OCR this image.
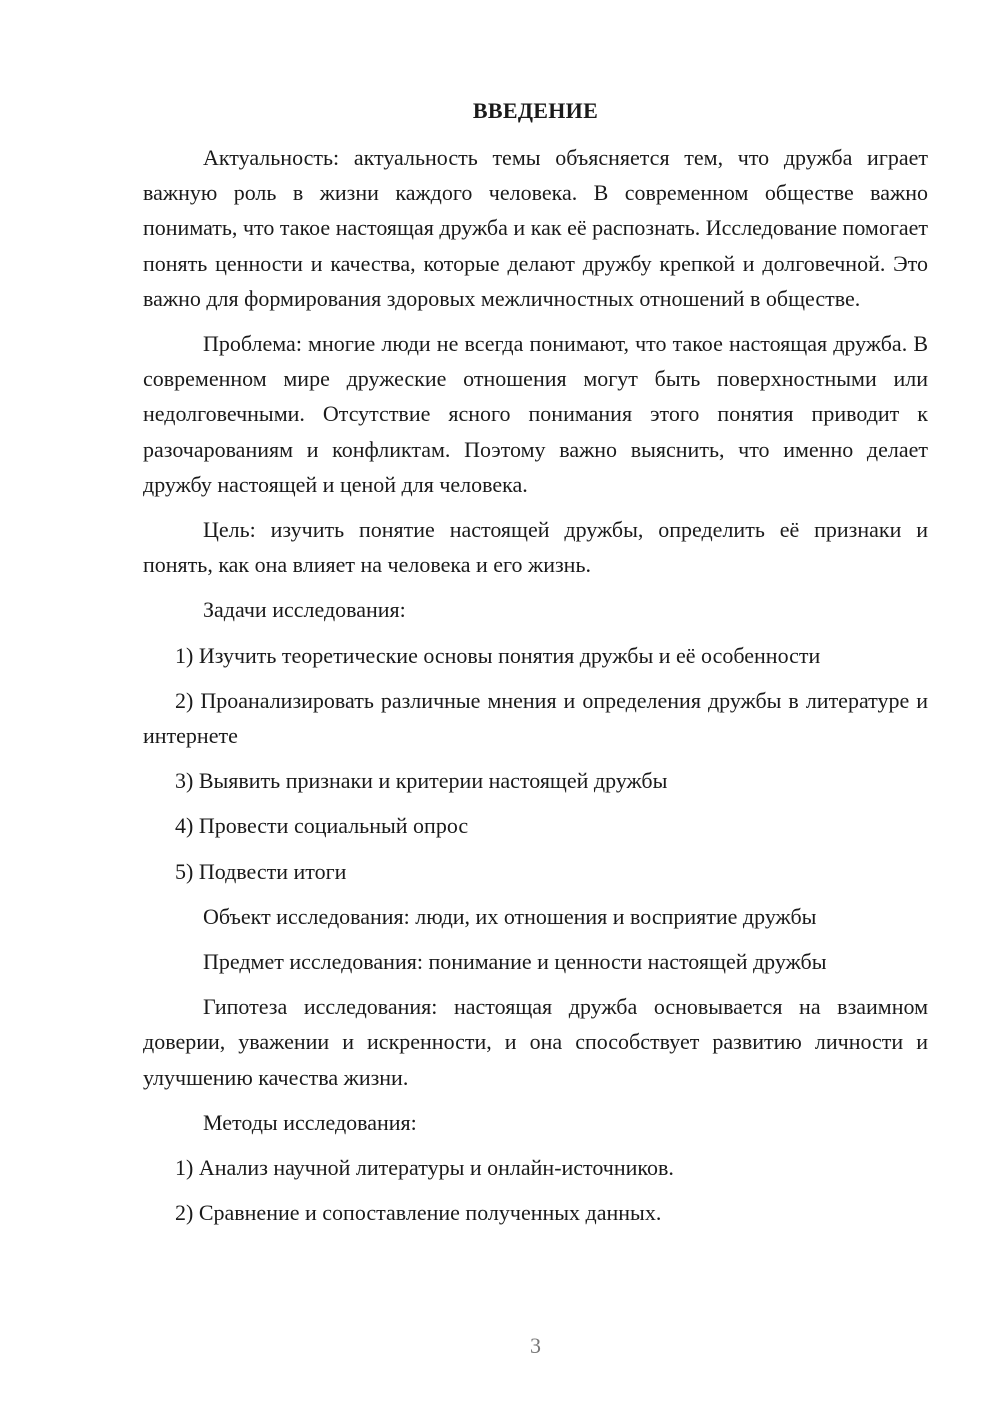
ВВЕДЕНИЕ

Актуальность: актуальность темы объясняется тем, что дружба играет важную роль в жизни каждого человека. В современном обществе важно понимать, что такое настоящая дружба и как её распознать. Исследование помогает понять ценности и качества, которые делают дружбу крепкой и долговечной. Это важно для формирования здоровых межличностных отношений в обществе.

Проблема: многие люди не всегда понимают, что такое настоящая дружба. В современном мире дружеские отношения могут быть поверхностными или недолговечными. Отсутствие ясного понимания этого понятия приводит к разочарованиям и конфликтам. Поэтому важно выяснить, что именно делает дружбу настоящей и ценой для человека.

Цель: изучить понятие настоящей дружбы, определить её признаки и понять, как она влияет на человека и его жизнь.

Задачи исследования:

1) Изучить теоретические основы понятия дружбы и её особенности

2) Проанализировать различные мнения и определения дружбы в литературе и интернете

3) Выявить признаки и критерии настоящей дружбы

4) Провести социальный опрос

5) Подвести итоги

Объект исследования: люди, их отношения и восприятие дружбы

Предмет исследования: понимание и ценности настоящей дружбы

Гипотеза исследования: настоящая дружба основывается на взаимном доверии, уважении и искренности, и она способствует развитию личности и улучшению качества жизни.

Методы исследования:

1) Анализ научной литературы и онлайн-источников.

2) Сравнение и сопоставление полученных данных.

3
